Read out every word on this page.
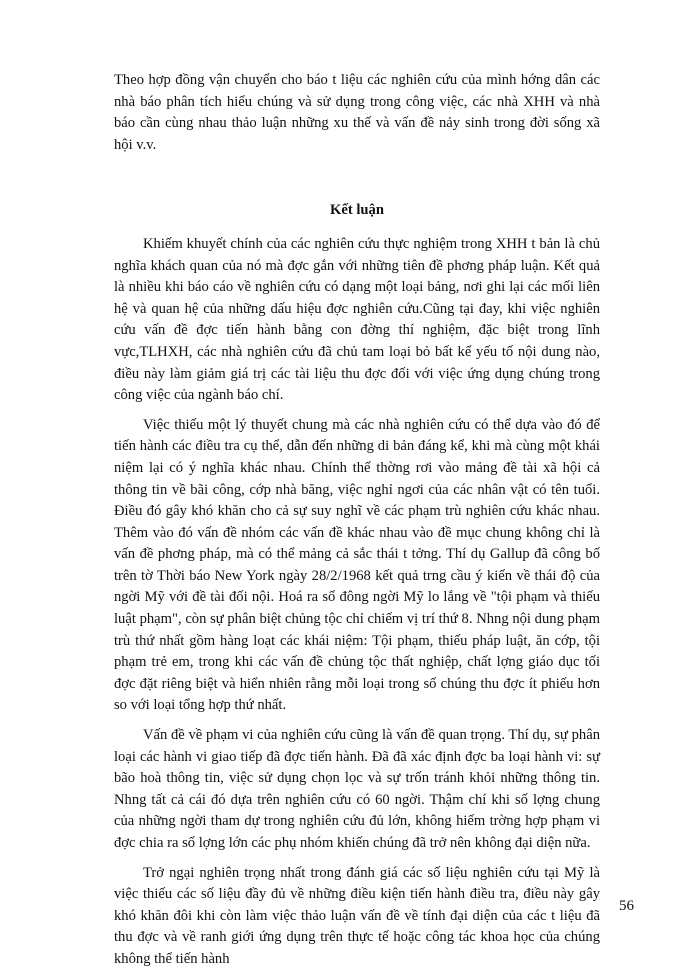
Theo hợp đồng vận chuyển cho báo t liệu các nghiên cứu của mình hớng dân các nhà báo phân tích hiểu chúng và sử dụng trong công việc, các nhà XHH và nhà báo cần cùng nhau thảo luận những xu thế và vấn đề nảy sinh trong đời sống xã hội v.v.

Kết luận

Khiếm khuyết chính của các nghiên cứu thực nghiệm trong XHH t bản là chủ nghĩa khách quan của nó mà đợc gắn với những tiên đề phơng pháp luận. Kết quả là nhiều khi báo cáo về nghiên cứu có dạng một loại bảng, nơi ghi lại các mối liên hệ và quan hệ của những dấu hiệu đợc nghiên cứu.Cũng tại đay, khi việc nghiên cứu vấn đề đợc tiến hành bằng con đờng thí nghiệm, đặc biệt trong lĩnh vực,TLHXH, các nhà nghiên cứu đã chủ tam loại bỏ bất kể yếu tố nội dung nào, điều này làm giảm giá trị các tài liệu thu đợc đối với việc ứng dụng chúng trong công việc của ngành báo chí.

Việc thiếu một lý thuyết chung mà các nhà nghiên cứu có thể dựa vào đó để tiến hành các điều tra cụ thể, dẫn đến những di bản đáng kể, khi mà cùng một khái niệm lại có ý nghĩa khác nhau. Chính thế thờng rơi vào mảng đề tài xã hội cả thông tin về bãi công, cớp nhà băng, việc nghỉ ngơi của các nhân vật có tên tuổi. Điều đó gây khó khăn cho cả sự suy nghĩ về các phạm trù nghiên cứu khác nhau. Thêm vào đó vấn đề nhóm các vấn đề khác nhau vào đề mục chung không chỉ là vấn đề phơng pháp, mà có thể mảng cả sắc thái t tởng. Thí dụ Gallup đã công bố trên tờ Thời báo New York ngày 28/2/1968 kết quả trng cầu ý kiến về thái độ của ngời Mỹ với đề tài đối nội. Hoá ra số đông ngời Mỹ lo lắng về "tội phạm và thiếu luật phạm", còn sự phân biệt chủng tộc chỉ chiếm vị trí thứ 8. Nhng nội dung phạm trù thứ nhất gồm hàng loạt các khái niệm: Tội phạm, thiếu pháp luật, ăn cớp, tội phạm trẻ em, trong khi các vấn đề chủng tộc thất nghiệp, chất lợng giáo dục tối đợc đặt riêng biệt và hiển nhiên rằng mỗi loại trong số chúng thu đợc ít phiếu hơn so với loại tổng hợp thứ nhất.

Vấn đề về phạm vi của nghiên cứu cũng là vấn đề quan trọng. Thí dụ, sự phân loại các hành vi giao tiếp đã đợc tiến hành. Đã đã xác định đợc ba loại hành vi: sự bão hoà thông tin, việc sử dụng chọn lọc và sự trốn tránh khỏi những thông tin. Nhng tất cả cái đó dựa trên nghiên cứu có 60 ngời. Thậm chí khi số lợng chung của những ngời tham dự trong nghiên cứu đủ lớn, không hiếm trờng hợp phạm vi đợc chia ra số lợng lớn các phụ nhóm khiến chúng đã trở nên không đại diện nữa.

Trở ngại nghiên trọng nhất trong đánh giá các số liệu nghiên cứu tại Mỹ là việc thiếu các số liệu đầy đủ về những điều kiện tiến hành điều tra, điều này gây khó khăn đôi khi còn làm việc thảo luận vấn đề về tính đại diện của các t liệu đã thu đợc và về ranh giới ứng dụng trên thực tế hoặc công tác khoa học của chúng không thể tiến hành

56
